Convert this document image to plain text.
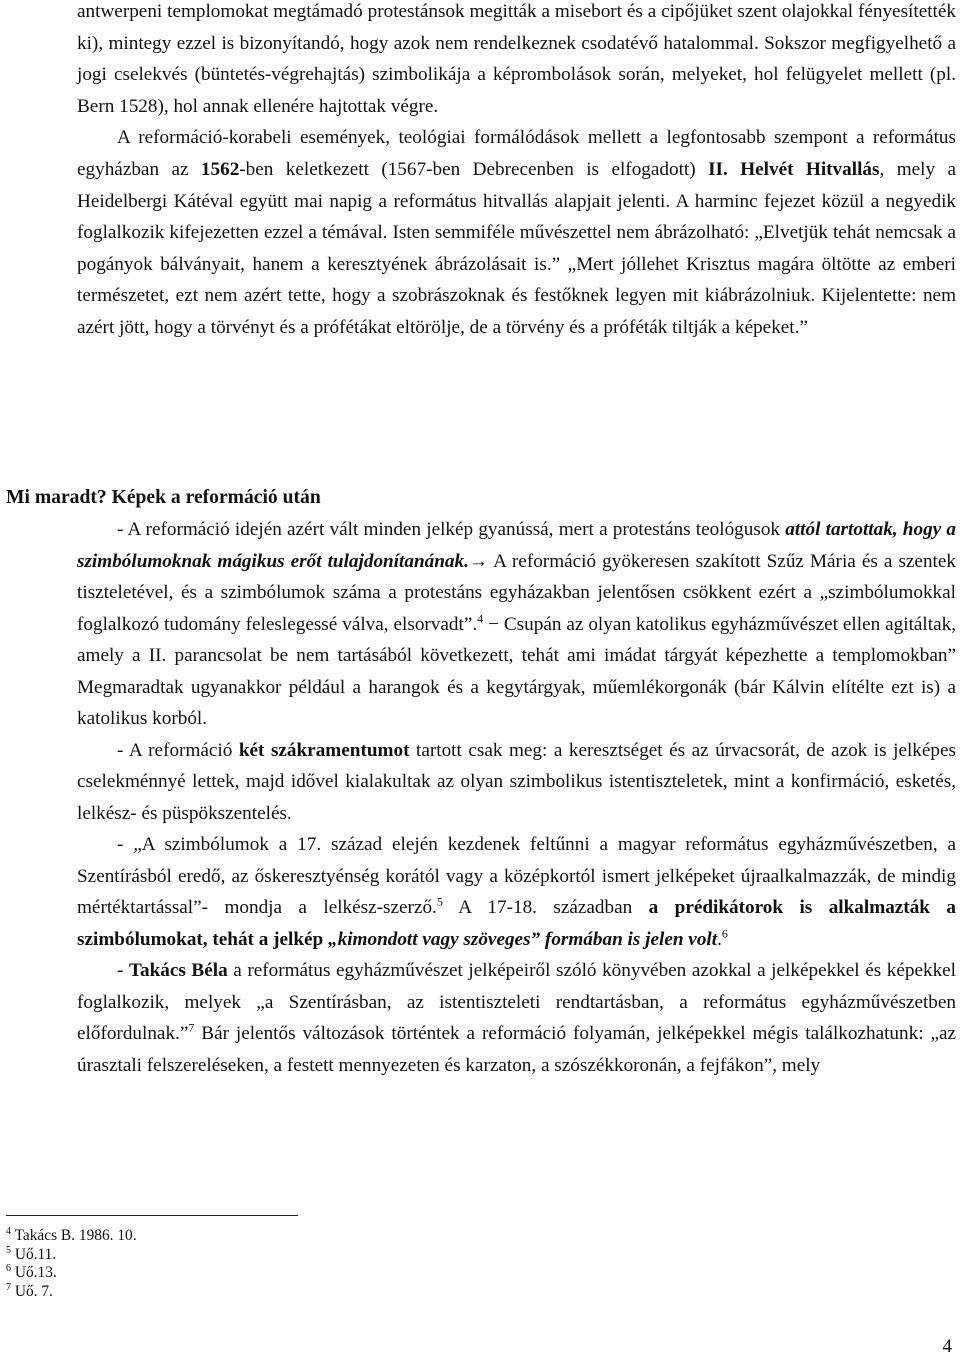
antwerpeni templomokat megtámadó protestánsok megitták a misebort és a cipőjüket szent olajokkal fényesítették ki), mintegy ezzel is bizonyítandó, hogy azok nem rendelkeznek csodatévő hatalommal. Sokszor megfigyelhető a jogi cselekvés (büntetés-végrehajtás) szimbolikája a képrombolások során, melyeket, hol felügyelet mellett (pl. Bern 1528), hol annak ellenére hajtottak végre.

A reformáció-korabeli események, teológiai formálódások mellett a legfontosabb szempont a református egyházban az 1562-ben keletkezett (1567-ben Debrecenben is elfogadott) II. Helvét Hitvallás, mely a Heidelbergi Kátéval együtt mai napig a református hitvallás alapjait jelenti. A harminc fejezet közül a negyedik foglalkozik kifejezetten ezzel a témával. Isten semmiféle művészettel nem ábrázolható: „Elvetjük tehát nemcsak a pogányok bálványait, hanem a keresztyének ábrázolásait is.” „Mert jóllehet Krisztus magára öltötte az emberi természetet, ezt nem azért tette, hogy a szobrászoknak és festőknek legyen mit kiábrázolniuk. Kijelentette: nem azért jött, hogy a törvényt és a prófétákat eltörölje, de a törvény és a próféták tiltják a képeket.”

Mi maradt? Képek a reformáció után

- A reformáció idején azért vált minden jelkép gyanússá, mert a protestáns teológusok attól tartottak, hogy a szimbólumoknak mágikus erőt tulajdonítanának.→ A reformáció gyökeresen szakított Szűz Mária és a szentek tiszteletével, és a szimbólumok száma a protestáns egyházakban jelentősen csökkent ezért a „szimbólumokkal foglalkozó tudomány feleslegessé válva, elsorvadt”.$^4$ − Csupán az olyan katolikus egyházművészet ellen agitáltak, amely a II. parancsolat be nem tartásából következett, tehát ami imádat tárgyát képezhette a templomokban” Megmaradtak ugyanakkor például a harangok és a kegytárgyak, műemlékorgonák (bár Kálvin elítélte ezt is) a katolikus korból.

- A reformáció két szákramentumot tartott csak meg: a keresztséget és az úrvacsorát, de azok is jelképes cselekménnyé lettek, majd idővel kialakultak az olyan szimbolikus istentiszteletek, mint a konfirmáció, esketés, lelkész- és püspökszentelés.

- „A szimbólumok a 17. század elején kezdenek feltűnni a magyar református egyházművészetben, a Szentírásból eredő, az őskeresztyénség korától vagy a középkortól ismert jelképeket újraalkalmazzák, de mindig mértéktartással”- mondja a lelkész-szerző.$^5$ A 17-18. században a prédikátorok is alkalmazták a szimbólumokat, tehát a jelkép „kimondott vagy szöveges” formában is jelen volt.$^6$

- Takács Béla a református egyházművészet jelképeiről szóló könyvében azokkal a jelképekkel és képekkel foglalkozik, melyek „a Szentírásban, az istentiszteleti rendtartásban, a református egyházművészetben előfordulnak.”$^7$ Bár jelentős változások történtek a reformáció folyamán, jelképekkel mégis találkozhatunk: „az úrasztali felszereléseken, a festett mennyezeten és karzaton, a szószékkoronán, a fejfákon”, mely

$^4$ Takács B. 1986. 10.

$^5$ Uő.11.

$^6$ Uő.13.

$^7$ Uő. 7.

4
